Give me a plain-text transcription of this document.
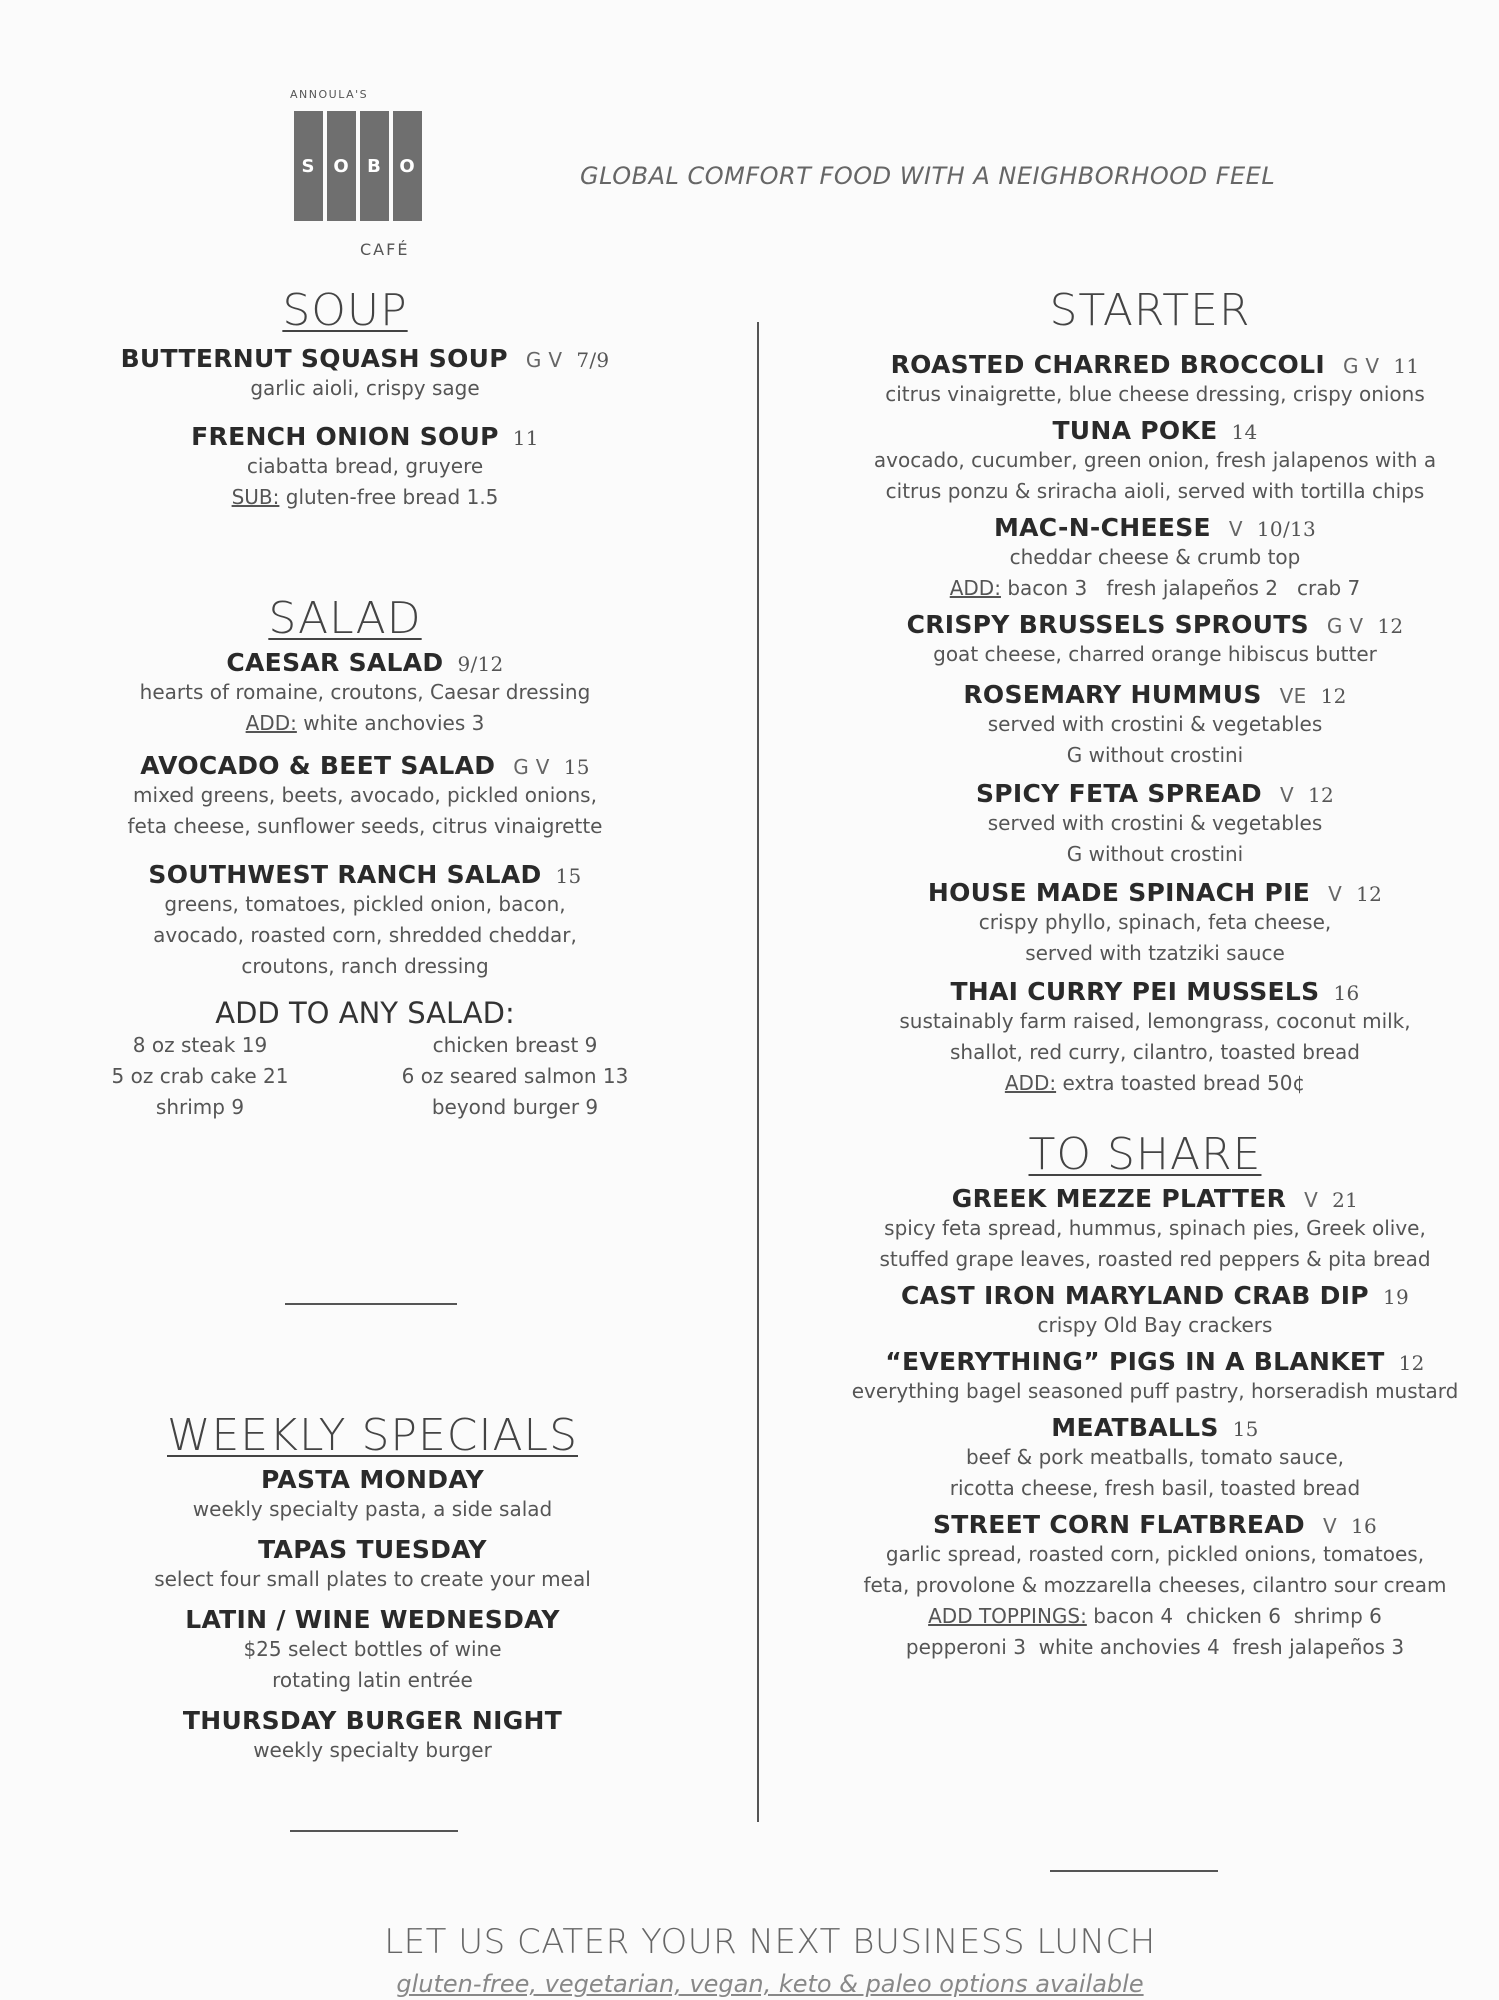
ANNOULA'S
S O B O
CAFÉ
GLOBAL COMFORT FOOD WITH A NEIGHBORHOOD FEEL
SOUP
BUTTERNUT SQUASH SOUP G V 7/9
garlic aioli, crispy sage
FRENCH ONION SOUP 11
ciabatta bread, gruyere
SUB: gluten-free bread 1.5
SALAD
CAESAR SALAD 9/12
hearts of romaine, croutons, Caesar dressing
ADD: white anchovies 3
AVOCADO & BEET SALAD G V 15
mixed greens, beets, avocado, pickled onions,
feta cheese, sunflower seeds, citrus vinaigrette
SOUTHWEST RANCH SALAD 15
greens, tomatoes, pickled onion, bacon,
avocado, roasted corn, shredded cheddar,
croutons, ranch dressing
ADD TO ANY SALAD:
8 oz steak 19
5 oz crab cake 21
shrimp 9
chicken breast 9
6 oz seared salmon 13
beyond burger 9
WEEKLY SPECIALS
PASTA MONDAY
weekly specialty pasta, a side salad
TAPAS TUESDAY
select four small plates to create your meal
LATIN / WINE WEDNESDAY
$25 select bottles of wine
rotating latin entrée
THURSDAY BURGER NIGHT
weekly specialty burger
STARTER
ROASTED CHARRED BROCCOLI G V 11
citrus vinaigrette, blue cheese dressing, crispy onions
TUNA POKE 14
avocado, cucumber, green onion, fresh jalapenos with a
citrus ponzu & sriracha aioli, served with tortilla chips
MAC-N-CHEESE V 10/13
cheddar cheese & crumb top
ADD: bacon 3   fresh jalapeños 2   crab 7
CRISPY BRUSSELS SPROUTS G V 12
goat cheese, charred orange hibiscus butter
ROSEMARY HUMMUS VE 12
served with crostini & vegetables
G without crostini
SPICY FETA SPREAD V 12
served with crostini & vegetables
G without crostini
HOUSE MADE SPINACH PIE V 12
crispy phyllo, spinach, feta cheese,
served with tzatziki sauce
THAI CURRY PEI MUSSELS 16
sustainably farm raised, lemongrass, coconut milk,
shallot, red curry, cilantro, toasted bread
ADD: extra toasted bread 50¢
TO SHARE
GREEK MEZZE PLATTER V 21
spicy feta spread, hummus, spinach pies, Greek olive,
stuffed grape leaves, roasted red peppers & pita bread
CAST IRON MARYLAND CRAB DIP 19
crispy Old Bay crackers
“EVERYTHING” PIGS IN A BLANKET 12
everything bagel seasoned puff pastry, horseradish mustard
MEATBALLS 15
beef & pork meatballs, tomato sauce,
ricotta cheese, fresh basil, toasted bread
STREET CORN FLATBREAD V 16
garlic spread, roasted corn, pickled onions, tomatoes,
feta, provolone & mozzarella cheeses, cilantro sour cream
ADD TOPPINGS: bacon 4  chicken 6  shrimp 6
pepperoni 3  white anchovies 4  fresh jalapeños 3
LET US CATER YOUR NEXT BUSINESS LUNCH
gluten-free, vegetarian, vegan, keto & paleo options available
